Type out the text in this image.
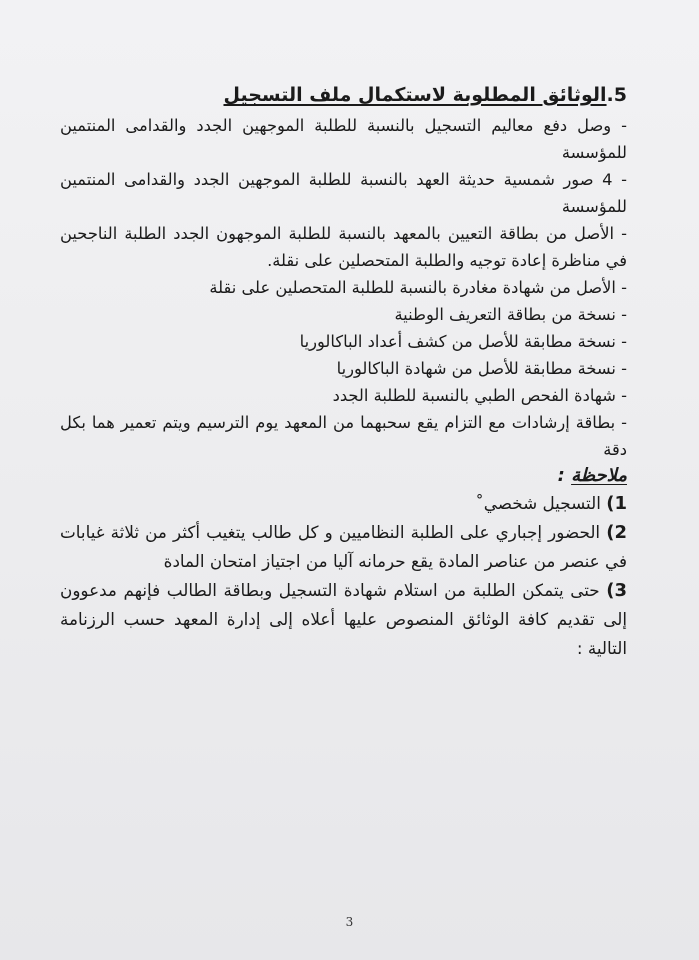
5.الوثائق المطلوبة لاستكمال ملف التسجيل
- وصل دفع معاليم التسجيل بالنسبة للطلبة الموجهين الجدد والقدامى المنتمين للمؤسسة
- 4 صور شمسية حديثة العهد بالنسبة للطلبة الموجهين الجدد والقدامى المنتمين للمؤسسة
- الأصل من بطاقة التعيين بالمعهد بالنسبة للطلبة الموجهون الجدد الطلبة الناجحين في مناظرة إعادة توجيه والطلبة المتحصلين على نقلة.
- الأصل من شهادة مغادرة بالنسبة للطلبة المتحصلين على نقلة
- نسخة من بطاقة التعريف الوطنية
- نسخة مطابقة للأصل من كشف أعداد الباكالوريا
- نسخة مطابقة للأصل من شهادة الباكالوريا
- شهادة الفحص الطبي بالنسبة للطلبة الجدد
- بطاقة إرشادات مع التزام يقع سحبهما من المعهد يوم الترسيم ويتم تعمير هما بكل دقة

ملاحظة :

1) التسجيل شخصي˚
2) الحضور إجباري على الطلبة النظاميين و كل طالب يتغيب أكثر من ثلاثة غيابات في عنصر من عناصر المادة يقع حرمانه آليا من اجتياز امتحان المادة
3) حتى يتمكن الطلبة من استلام شهادة التسجيل وبطاقة الطالب فإنهم مدعوون إلى تقديم كافة الوثائق المنصوص عليها أعلاه إلى إدارة المعهد حسب الرزنامة التالية :
3
